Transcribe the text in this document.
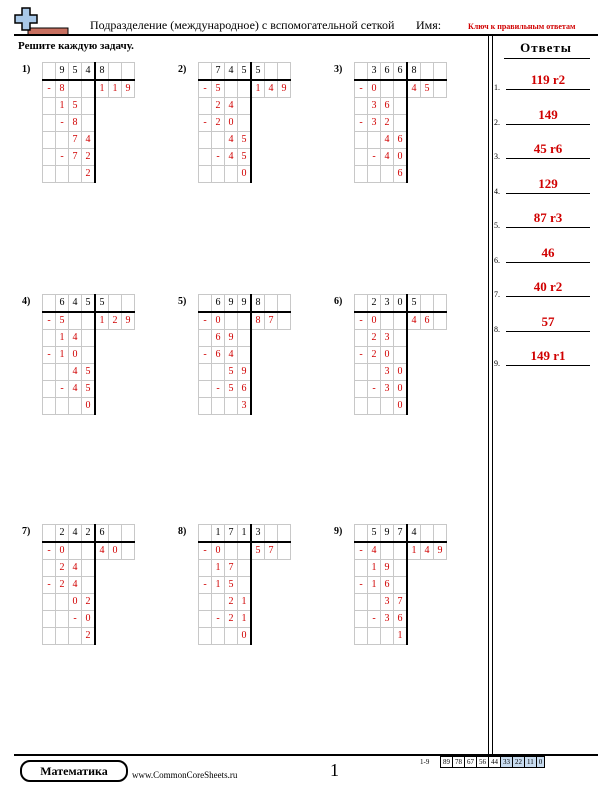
Подразделение (международное) с вспомогательной сеткой Имя:	Ключ к правильным ответам
Решите каждую задачу.	Ответы
1.
119 r2
2.
149
3.
45 r6
4.
129
5.
87 r3
6.
46
7.
40 r2
8.
57
9.
149 r1
1)
		9	5	4	8		
-	8			1	1	9
	1	5				
	-	8				
		7	4			
	-	7	2			
			2			
2)
		7	4	5	5		
-	5			1	4	9
	2	4				
-	2	0				
		4	5			
	-	4	5			
			0			
3)
		3	6	6	8		
-	0			4	5	
	3	6				
-	3	2				
		4	6			
	-	4	0			
			6			
4)
		6	4	5	5		
-	5			1	2	9
	1	4				
-	1	0				
		4	5			
	-	4	5			
			0			
5)
		6	9	9	8		
-	0			8	7	
	6	9				
-	6	4				
		5	9			
	-	5	6			
			3			
6)
		2	3	0	5		
-	0			4	6	
	2	3				
-	2	0				
		3	0			
	-	3	0			
			0			
7)
		2	4	2	6		
-	0			4	0	
	2	4				
-	2	4				
		0	2			
		-	0			
			2			
8)
		1	7	1	3		
-	0			5	7	
	1	7				
-	1	5				
		2	1			
	-	2	1			
			0			
9)
		5	9	7	4		
-	4			1	4	9
	1	9				
-	1	6				
		3	7			
	-	3	6			
			1			
Математика	www.CommonCoreSheets.ru	1	1-9 89	78	67	56	44	33	22	11	0
